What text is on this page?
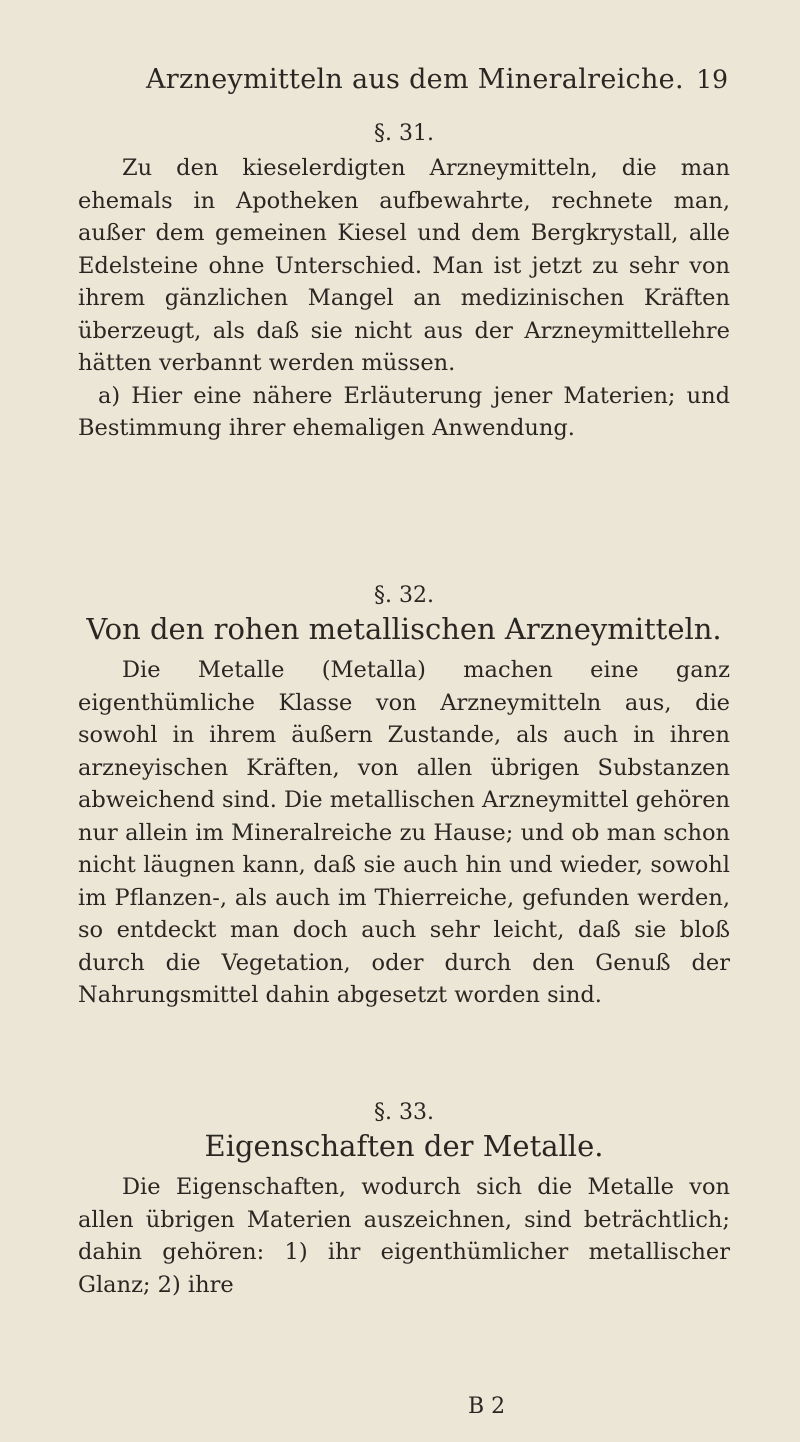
Arzneymitteln aus dem Mineralreiche. 19
§. 31.

Zu den kieselerdigten Arzneymitteln, die man ehemals in Apotheken aufbewahrte, rechnete man, außer dem gemeinen Kiesel und dem Bergkrystall, alle Edelsteine ohne Unterschied. Man ist jetzt zu sehr von ihrem gänzlichen Mangel an medizinischen Kräften überzeugt, als daß sie nicht aus der Arzneymittellehre hätten verbannt werden müssen.

a) Hier eine nähere Erläuterung jener Materien; und Bestimmung ihrer ehemaligen Anwendung.

§. 32.
Von den rohen metallischen Arzneymitteln.

Die Metalle (Metalla) machen eine ganz eigenthümliche Klasse von Arzneymitteln aus, die sowohl in ihrem äußern Zustande, als auch in ihren arzneyischen Kräften, von allen übrigen Substanzen abweichend sind. Die metallischen Arzneymittel gehören nur allein im Mineralreiche zu Hause; und ob man schon nicht läugnen kann, daß sie auch hin und wieder, sowohl im Pflanzen-, als auch im Thierreiche, gefunden werden, so entdeckt man doch auch sehr leicht, daß sie bloß durch die Vegetation, oder durch den Genuß der Nahrungsmittel dahin abgesetzt worden sind.

§. 33.
Eigenschaften der Metalle.

Die Eigenschaften, wodurch sich die Metalle von allen übrigen Materien auszeichnen, sind beträchtlich; dahin gehören: 1) ihr eigenthümlicher metallischer Glanz; 2) ihre

B 2
